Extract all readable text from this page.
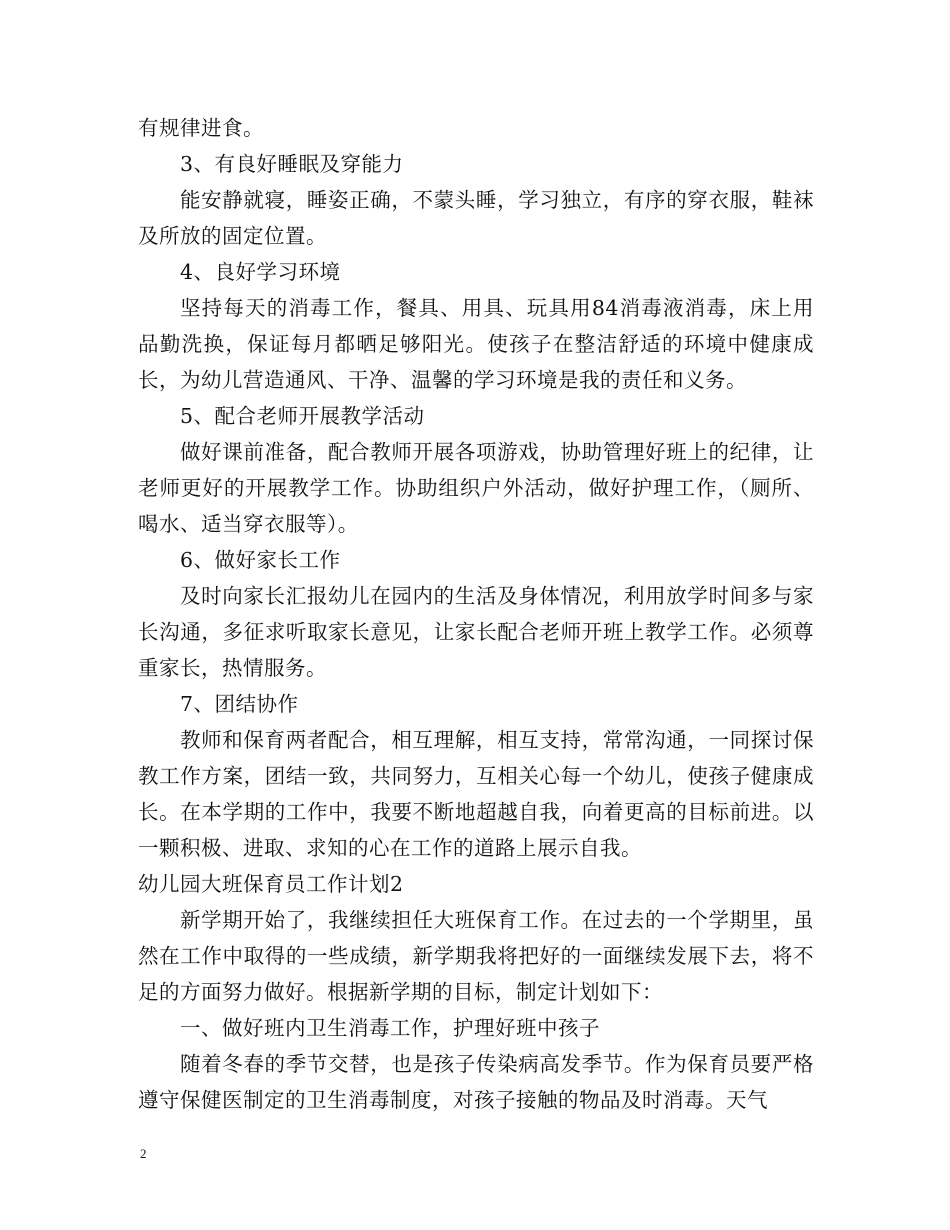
有规律进食。

3、有良好睡眠及穿能力

能安静就寝，睡姿正确，不蒙头睡，学习独立，有序的穿衣服，鞋袜及所放的固定位置。

4、良好学习环境

坚持每天的消毒工作，餐具、用具、玩具用84消毒液消毒，床上用品勤洗换，保证每月都晒足够阳光。使孩子在整洁舒适的环境中健康成长，为幼儿营造通风、干净、温馨的学习环境是我的责任和义务。

5、配合老师开展教学活动

做好课前准备，配合教师开展各项游戏，协助管理好班上的纪律，让老师更好的开展教学工作。协助组织户外活动，做好护理工作，（厕所、喝水、适当穿衣服等）。

6、做好家长工作

及时向家长汇报幼儿在园内的生活及身体情况，利用放学时间多与家长沟通，多征求听取家长意见，让家长配合老师开班上教学工作。必须尊重家长，热情服务。

7、团结协作

教师和保育两者配合，相互理解，相互支持，常常沟通，一同探讨保教工作方案，团结一致，共同努力，互相关心每一个幼儿，使孩子健康成长。在本学期的工作中，我要不断地超越自我，向着更高的目标前进。以一颗积极、进取、求知的心在工作的道路上展示自我。

幼儿园大班保育员工作计划2

新学期开始了，我继续担任大班保育工作。在过去的一个学期里，虽然在工作中取得的一些成绩，新学期我将把好的一面继续发展下去，将不足的方面努力做好。根据新学期的目标，制定计划如下：

一、做好班内卫生消毒工作，护理好班中孩子

随着冬春的季节交替，也是孩子传染病高发季节。作为保育员要严格遵守保健医制定的卫生消毒制度，对孩子接触的物品及时消毒。天气

2
